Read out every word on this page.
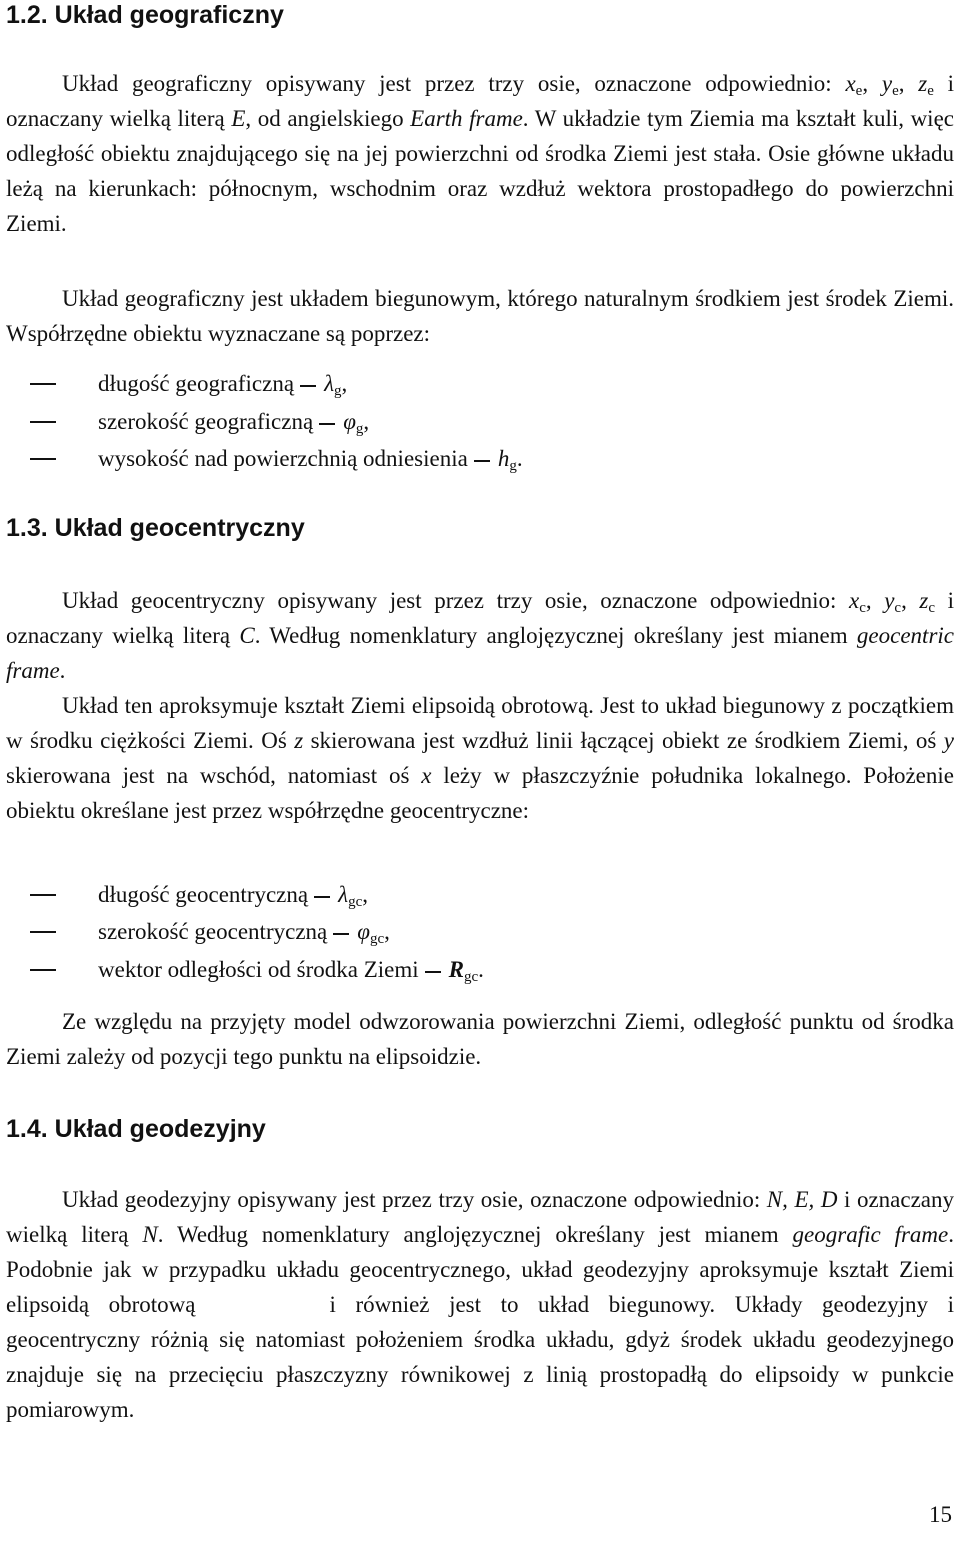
1.2. Układ geograficzny

Układ geograficzny opisywany jest przez trzy osie, oznaczone odpowiednio: $x_e$, $y_e$, $z_e$ i oznaczany wielką literą E, od angielskiego Earth frame. W układzie tym Ziemia ma kształt kuli, więc odległość obiektu znajdującego się na jej powierzchni od środka Ziemi jest stała. Osie główne układu leżą na kierunkach: północnym, wschodnim oraz wzdłuż wektora prostopadłego do powierzchni Ziemi.

Układ geograficzny jest układem biegunowym, którego naturalnym środkiem jest środek Ziemi. Współrzędne obiektu wyznaczane są poprzez:

długość geograficzną $\lambda_g$,
szerokość geograficzną $\varphi_g$,
wysokość nad powierzchnią odniesienia $h_g$.
1.3. Układ geocentryczny

Układ geocentryczny opisywany jest przez trzy osie, oznaczone odpowiednio: $x_c$, $y_c$, $z_c$ i oznaczany wielką literą C. Według nomenklatury anglojęzycznej określany jest mianem geocentric frame.

Układ ten aproksymuje kształt Ziemi elipsoidą obrotową. Jest to układ biegunowy z początkiem w środku ciężkości Ziemi. Oś z skierowana jest wzdłuż linii łączącej obiekt ze środkiem Ziemi, oś y skierowana jest na wschód, natomiast oś x leży w płaszczyźnie południka lokalnego. Położenie obiektu określane jest przez współrzędne geocentryczne:

długość geocentryczną $\lambda_{gc}$,
szerokość geocentryczną $\varphi_{gc}$,
wektor odległości od środka Ziemi $R_{gc}$.

Ze względu na przyjęty model odwzorowania powierzchni Ziemi, odległość punktu od środka Ziemi zależy od pozycji tego punktu na elipsoidzie.

1.4. Układ geodezyjny

Układ geodezyjny opisywany jest przez trzy osie, oznaczone odpowiednio: N, E, D i oznaczany wielką literą N. Według nomenklatury anglojęzycznej określany jest mianem geografic frame. Podobnie jak w przypadku układu geocentrycznego, układ geodezyjny aproksymuje kształt Ziemi elipsoidą obrotową	i również jest to układ biegunowy. Układy geodezyjny i geocentryczny różnią się natomiast położeniem środka układu, gdyż środek układu geodezyjnego znajduje się na przecięciu płaszczyzny równikowej z linią prostopadłą do elipsoidy w punkcie pomiarowym.

15
